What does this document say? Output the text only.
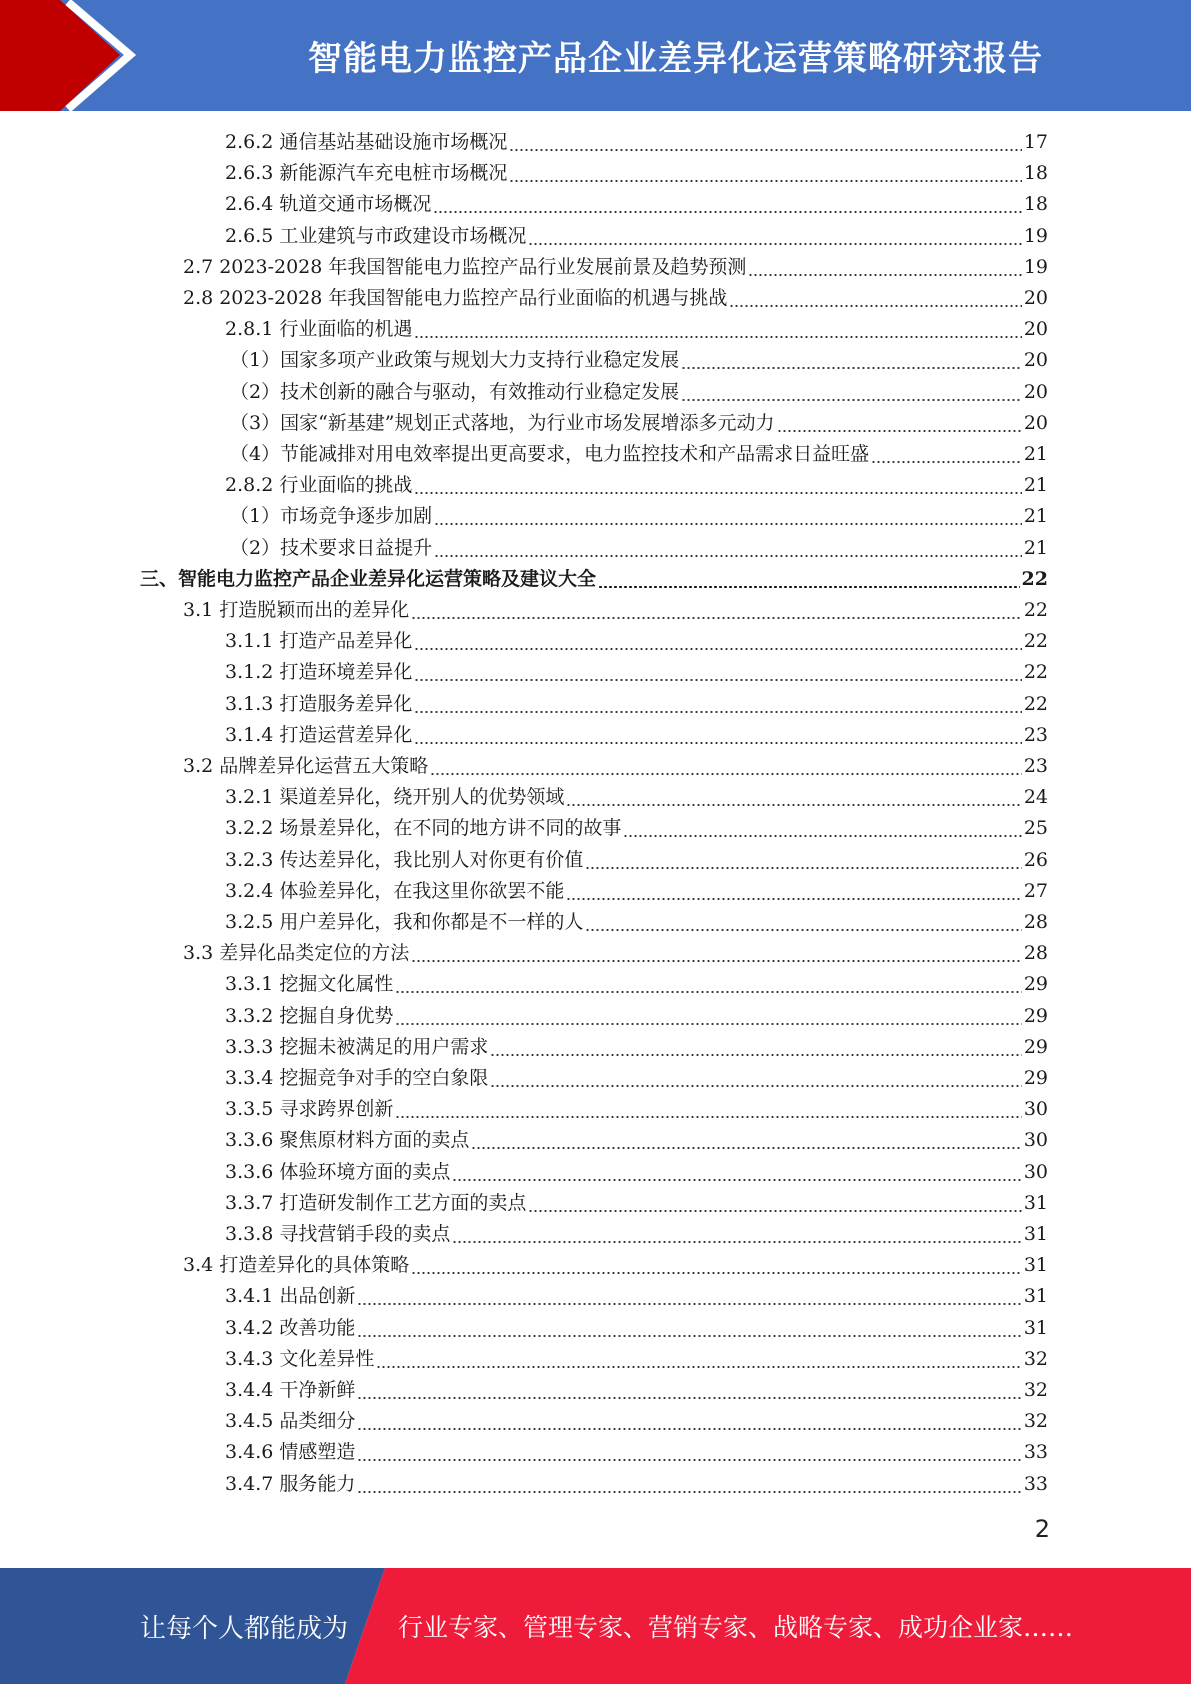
智能电力监控产品企业差异化运营策略研究报告
2.6.2 通信基站基础设施市场概况	17
2.6.3 新能源汽车充电桩市场概况	18
2.6.4 轨道交通市场概况	18
2.6.5 工业建筑与市政建设市场概况	19
2.7 2023-2028 年我国智能电力监控产品行业发展前景及趋势预测	19
2.8 2023-2028 年我国智能电力监控产品行业面临的机遇与挑战	20
2.8.1 行业面临的机遇	20
（1） 国家多项产业政策与规划大力支持行业稳定发展	20
（2） 技术创新的融合与驱动，有效推动行业稳定发展	20
（3） 国家“新基建”规划正式落地，为行业市场发展增添多元动力	20
（4） 节能减排对用电效率提出更高要求，电力监控技术和产品需求日益旺盛	21
2.8.2 行业面临的挑战	21
（1） 市场竞争逐步加剧	21
（2） 技术要求日益提升	21
三、 智能电力监控产品企业差异化运营策略及建议大全	22
3.1 打造脱颖而出的差异化	22
3.1.1 打造产品差异化	22
3.1.2 打造环境差异化	22
3.1.3 打造服务差异化	22
3.1.4 打造运营差异化	23
3.2 品牌差异化运营五大策略	23
3.2.1 渠道差异化，绕开别人的优势领域	24
3.2.2 场景差异化，在不同的地方讲不同的故事	25
3.2.3 传达差异化，我比别人对你更有价值	26
3.2.4 体验差异化，在我这里你欲罢不能	27
3.2.5 用户差异化，我和你都是不一样的人	28
3.3 差异化品类定位的方法	28
3.3.1 挖掘文化属性	29
3.3.2 挖掘自身优势	29
3.3.3 挖掘未被满足的用户需求	29
3.3.4 挖掘竞争对手的空白象限	29
3.3.5 寻求跨界创新	30
3.3.6 聚焦原材料方面的卖点	30
3.3.6 体验环境方面的卖点	30
3.3.7 打造研发制作工艺方面的卖点	31
3.3.8 寻找营销手段的卖点	31
3.4 打造差异化的具体策略	31
3.4.1 出品创新	31
3.4.2 改善功能	31
3.4.3 文化差异性	32
3.4.4 干净新鲜	32
3.4.5 品类细分	32
3.4.6 情感塑造	33
3.4.7 服务能力	33
2
让每个人都能成为 行业专家、管理专家、营销专家、战略专家、成功企业家……
